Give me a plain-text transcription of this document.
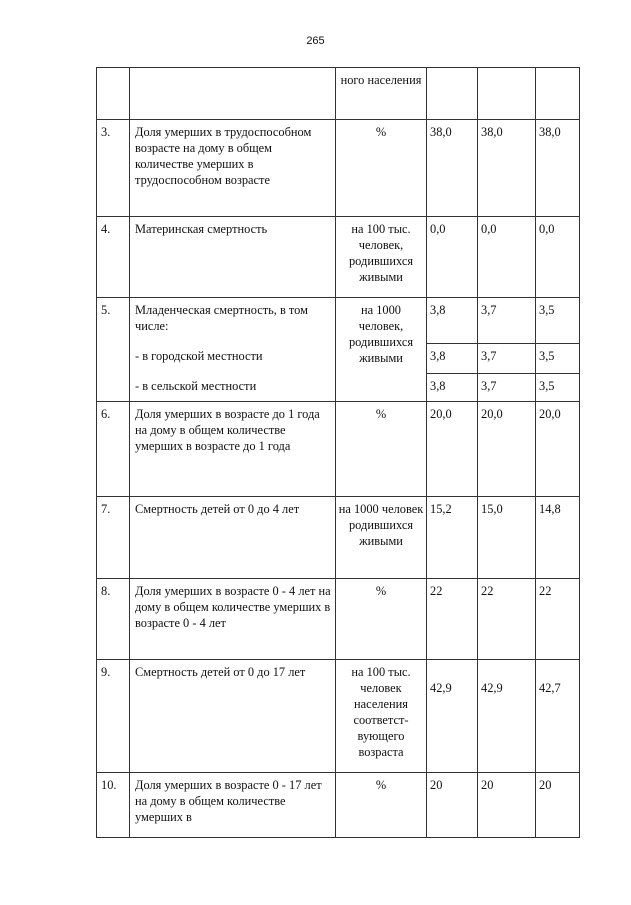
265
		ного населения			
3.	Доля умерших в трудоспособном возрасте на дому в общем количестве умерших в трудоспособном возрасте	%	38,0	38,0	38,0
4.	Материнская смертность	на 100 тыс. человек, родившихся живыми	0,0	0,0	0,0
5.	Младенческая смертность, в том числе:	на 1000 человек, родившихся живыми	3,8	3,7	3,5
	- в городской местности		3,8	3,7	3,5
	- в сельской местности		3,8	3,7	3,5
6.	Доля умерших в возрасте до 1 года на дому в общем количестве умерших в возрасте до 1 года	%	20,0	20,0	20,0
7.	Смертность детей от 0 до 4 лет	на 1000 человек родившихся живыми	15,2	15,0	14,8
8.	Доля умерших в возрасте 0 - 4 лет на дому в общем количестве умерших в возрасте 0 - 4 лет	%	22	22	22
9.	Смертность детей от 0 до 17 лет	на 100 тыс. человек населения соответст-вующего возраста	42,9	42,9	42,7
10.	Доля умерших в возрасте 0 - 17 лет на дому в общем количестве умерших в	%	20	20	20
